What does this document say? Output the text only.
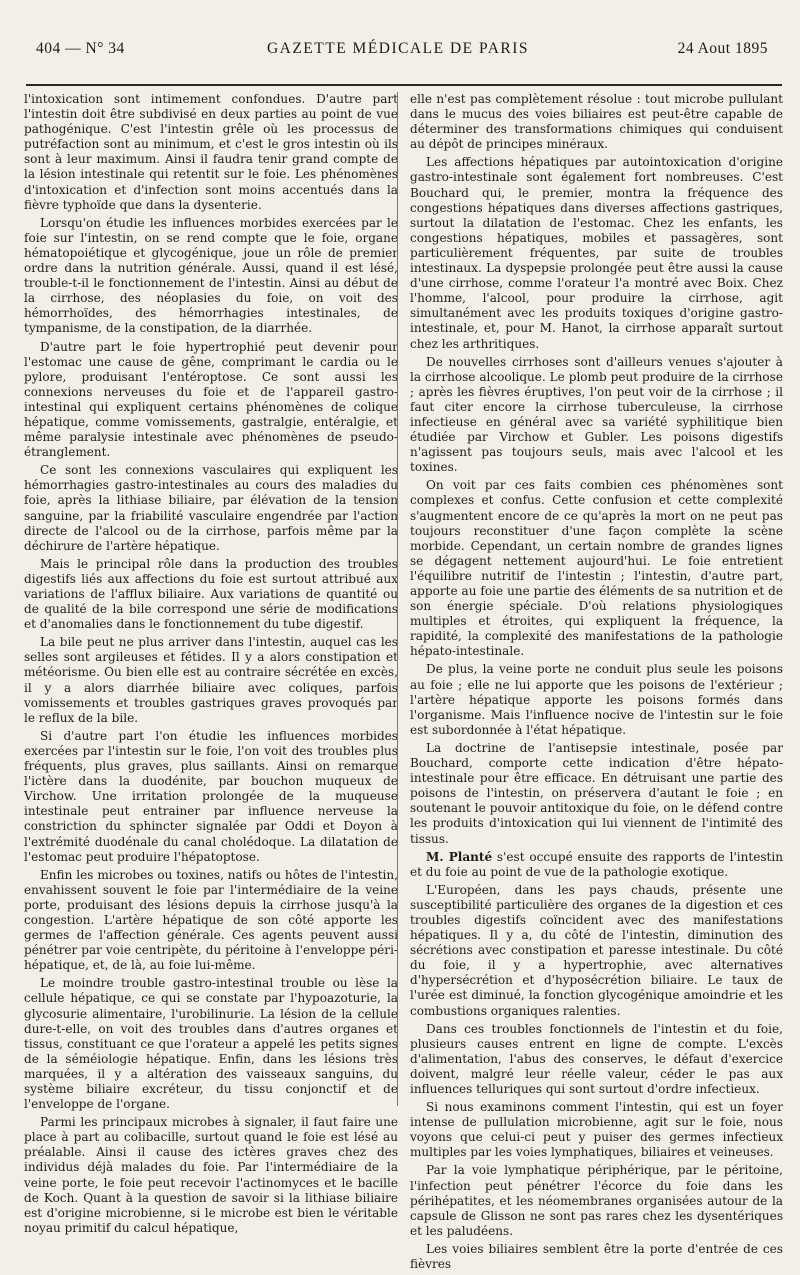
404 — N° 34	GAZETTE MÉDICALE DE PARIS	24 Aout 1895

l'intoxication sont intimement confondues. D'autre part l'intestin doit être subdivisé en deux parties au point de vue pathogénique. C'est l'intestin grêle où les processus de putréfaction sont au minimum, et c'est le gros intestin où ils sont à leur maximum. Ainsi il faudra tenir grand compte de la lésion intestinale qui retentit sur le foie. Les phénomènes d'intoxication et d'infection sont moins accentués dans la fièvre typhoïde que dans la dysenterie.

Lorsqu'on étudie les influences morbides exercées par le foie sur l'intestin, on se rend compte que le foie, organe hématopoiétique et glycogénique, joue un rôle de premier ordre dans la nutrition générale. Aussi, quand il est lésé, trouble-t-il le fonctionnement de l'intestin. Ainsi au début de la cirrhose, des néoplasies du foie, on voit des hémorrhoïdes, des hémorrhagies intestinales, de tympanisme, de la constipation, de la diarrhée.

D'autre part le foie hypertrophié peut devenir pour l'estomac une cause de gêne, comprimant le cardia ou le pylore, produisant l'entéroptose. Ce sont aussi les connexions nerveuses du foie et de l'appareil gastro-intestinal qui expliquent certains phénomènes de colique hépatique, comme vomissements, gastralgie, entéralgie, et même paralysie intestinale avec phénomènes de pseudo-étranglement.

Ce sont les connexions vasculaires qui expliquent les hémorrhagies gastro-intestinales au cours des maladies du foie, après la lithiase biliaire, par élévation de la tension sanguine, par la friabilité vasculaire engendrée par l'action directe de l'alcool ou de la cirrhose, parfois même par la déchirure de l'artère hépatique.

Mais le principal rôle dans la production des troubles digestifs liés aux affections du foie est surtout attribué aux variations de l'afflux biliaire. Aux variations de quantité ou de qualité de la bile correspond une série de modifications et d'anomalies dans le fonctionnement du tube digestif.

La bile peut ne plus arriver dans l'intestin, auquel cas les selles sont argileuses et fétides. Il y a alors constipation et météorisme. Ou bien elle est au contraire sécrétée en excès, il y a alors diarrhée biliaire avec coliques, parfois vomissements et troubles gastriques graves provoqués par le reflux de la bile.

Si d'autre part l'on étudie les influences morbides exercées par l'intestin sur le foie, l'on voit des troubles plus fréquents, plus graves, plus saillants. Ainsi on remarque l'ictère dans la duodénite, par bouchon muqueux de Virchow. Une irritation prolongée de la muqueuse intestinale peut entrainer par influence nerveuse la constriction du sphincter signalée par Oddi et Doyon à l'extrémité duodénale du canal cholédoque. La dilatation de l'estomac peut produire l'hépatoptose.

Enfin les microbes ou toxines, natifs ou hôtes de l'intestin, envahissent souvent le foie par l'intermédiaire de la veine porte, produisant des lésions depuis la cirrhose jusqu'à la congestion. L'artère hépatique de son côté apporte les germes de l'affection générale. Ces agents peuvent aussi pénétrer par voie centripète, du péritoine à l'enveloppe péri-hépatique, et, de là, au foie lui-même.

Le moindre trouble gastro-intestinal trouble ou lèse la cellule hépatique, ce qui se constate par l'hypoazoturie, la glycosurie alimentaire, l'urobilinurie. La lésion de la cellule dure-t-elle, on voit des troubles dans d'autres organes et tissus, constituant ce que l'orateur a appelé les petits signes de la séméiologie hépatique. Enfin, dans les lésions très marquées, il y a altération des vaisseaux sanguins, du système biliaire excréteur, du tissu conjonctif et de l'enveloppe de l'organe.

Parmi les principaux microbes à signaler, il faut faire une place à part au colibacille, surtout quand le foie est lésé au préalable. Ainsi il cause des ictères graves chez des individus déjà malades du foie. Par l'intermédiaire de la veine porte, le foie peut recevoir l'actinomyces et le bacille de Koch. Quant à la question de savoir si la lithiase biliaire est d'origine microbienne, si le microbe est bien le véritable noyau primitif du calcul hépatique,

elle n'est pas complètement résolue : tout microbe pullulant dans le mucus des voies biliaires est peut-être capable de déterminer des transformations chimiques qui conduisent au dépôt de principes minéraux.

Les affections hépatiques par autointoxication d'origine gastro-intestinale sont également fort nombreuses. C'est Bouchard qui, le premier, montra la fréquence des congestions hépatiques dans diverses affections gastriques, surtout la dilatation de l'estomac. Chez les enfants, les congestions hépatiques, mobiles et passagères, sont particulièrement fréquentes, par suite de troubles intestinaux. La dyspepsie prolongée peut être aussi la cause d'une cirrhose, comme l'orateur l'a montré avec Boix. Chez l'homme, l'alcool, pour produire la cirrhose, agit simultanément avec les produits toxiques d'origine gastro-intestinale, et, pour M. Hanot, la cirrhose apparaît surtout chez les arthritiques.

De nouvelles cirrhoses sont d'ailleurs venues s'ajouter à la cirrhose alcoolique. Le plomb peut produire de la cirrhose ; après les fièvres éruptives, l'on peut voir de la cirrhose ; il faut citer encore la cirrhose tuberculeuse, la cirrhose infectieuse en général avec sa variété syphilitique bien étudiée par Virchow et Gubler. Les poisons digestifs n'agissent pas toujours seuls, mais avec l'alcool et les toxines.

On voit par ces faits combien ces phénomènes sont complexes et confus. Cette confusion et cette complexité s'augmentent encore de ce qu'après la mort on ne peut pas toujours reconstituer d'une façon complète la scène morbide. Cependant, un certain nombre de grandes lignes se dégagent nettement aujourd'hui. Le foie entretient l'équilibre nutritif de l'intestin ; l'intestin, d'autre part, apporte au foie une partie des éléments de sa nutrition et de son énergie spéciale. D'où relations physiologiques multiples et étroites, qui expliquent la fréquence, la rapidité, la complexité des manifestations de la pathologie hépato-intestinale.

De plus, la veine porte ne conduit plus seule les poisons au foie ; elle ne lui apporte que les poisons de l'extérieur ; l'artère hépatique apporte les poisons formés dans l'organisme. Mais l'influence nocive de l'intestin sur le foie est subordonnée à l'état hépatique.

La doctrine de l'antisepsie intestinale, posée par Bouchard, comporte cette indication d'être hépato-intestinale pour être efficace. En détruisant une partie des poisons de l'intestin, on préservera d'autant le foie ; en soutenant le pouvoir antitoxique du foie, on le défend contre les produits d'intoxication qui lui viennent de l'intimité des tissus.

M. Planté s'est occupé ensuite des rapports de l'intestin et du foie au point de vue de la pathologie exotique.

L'Européen, dans les pays chauds, présente une susceptibilité particulière des organes de la digestion et ces troubles digestifs coïncident avec des manifestations hépatiques. Il y a, du côté de l'intestin, diminution des sécrétions avec constipation et paresse intestinale. Du côté du foie, il y a hypertrophie, avec alternatives d'hypersécrétion et d'hyposécrétion biliaire. Le taux de l'urée est diminué, la fonction glycogénique amoindrie et les combustions organiques ralenties.

Dans ces troubles fonctionnels de l'intestin et du foie, plusieurs causes entrent en ligne de compte. L'excès d'alimentation, l'abus des conserves, le défaut d'exercice doivent, malgré leur réelle valeur, céder le pas aux influences telluriques qui sont surtout d'ordre infectieux.

Si nous examinons comment l'intestin, qui est un foyer intense de pullulation microbienne, agit sur le foie, nous voyons que celui-ci peut y puiser des germes infectieux multiples par les voies lymphatiques, biliaires et veineuses.

Par la voie lymphatique périphérique, par le péritoine, l'infection peut pénétrer l'écorce du foie dans les périhépatites, et les néomembranes organisées autour de la capsule de Glisson ne sont pas rares chez les dysentériques et les paludéens.

Les voies biliaires semblent être la porte d'entrée de ces fièvres
